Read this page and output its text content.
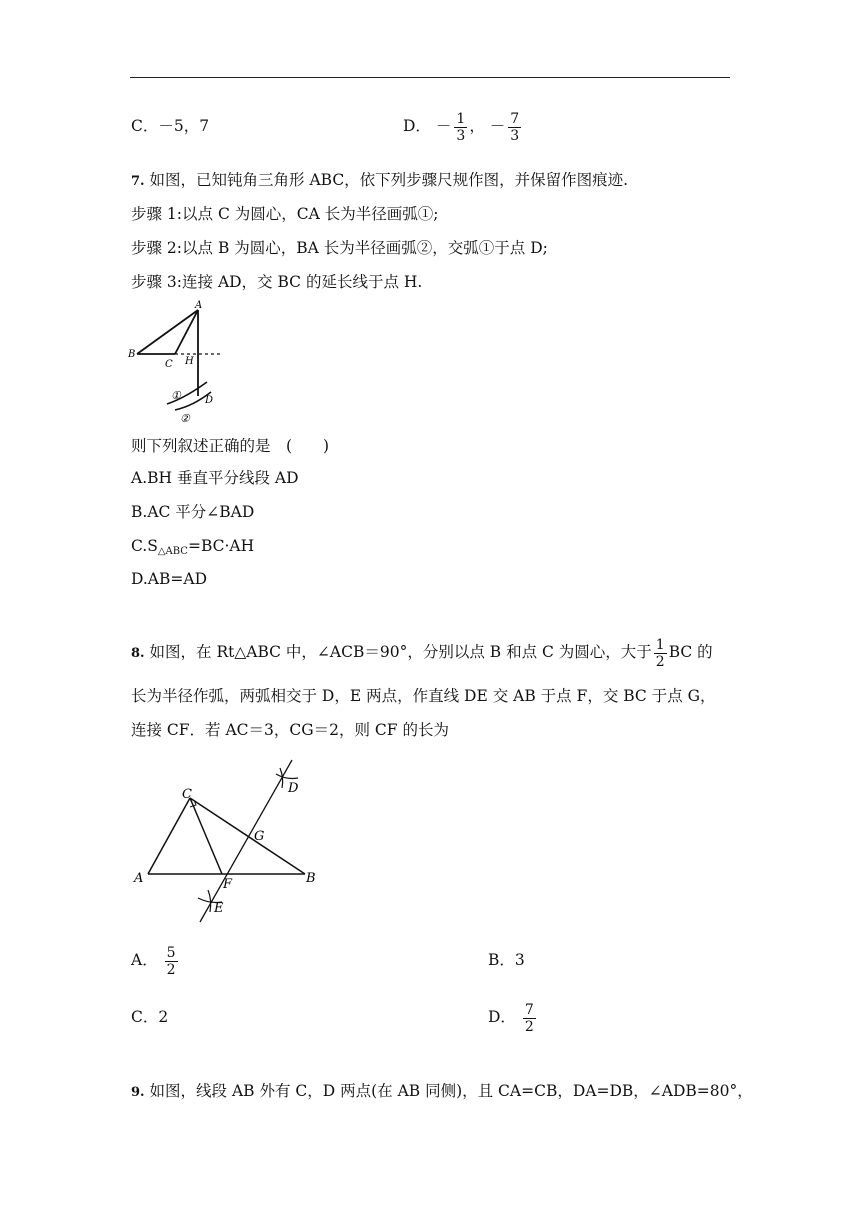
C．－5，7	D． － $\frac{1}{3}$ ， － $\frac{7}{3}$
7. 如图，已知钝角三角形 ABC，依下列步骤尺规作图，并保留作图痕迹.
步骤 1:以点 C 为圆心，CA 长为半径画弧①;
步骤 2:以点 B 为圆心，BA 长为半径画弧②，交弧①于点 D;
步骤 3:连接 AD，交 BC 的延长线于点 H.
A
B
C H
D
①
②
则下列叙述正确的是　(　　)
A.BH 垂直平分线段 AD
B.AC 平分∠BAD
$C.S_{\triangle ABC}=BC\cdot AH$
D.AB=AD
8. 如图，在 Rt△ABC 中，∠ACB＝90°，分别以点 B 和点 C 为圆心，大于 $\frac{1}{2}$ BC 的
长为半径作弧，两弧相交于 D，E 两点，作直线 DE 交 AB 于点 F，交 BC 于点 G，
连接 CF．若 AC＝3，CG＝2，则 CF 的长为
C
A	B
F
G
D
E
A． $\frac{5}{2}$	B．3
C．2	D． $\frac{7}{2}$
9. 如图，线段 AB 外有 C，D 两点(在 AB 同侧)，且 CA=CB，DA=DB，∠ADB=80°，
